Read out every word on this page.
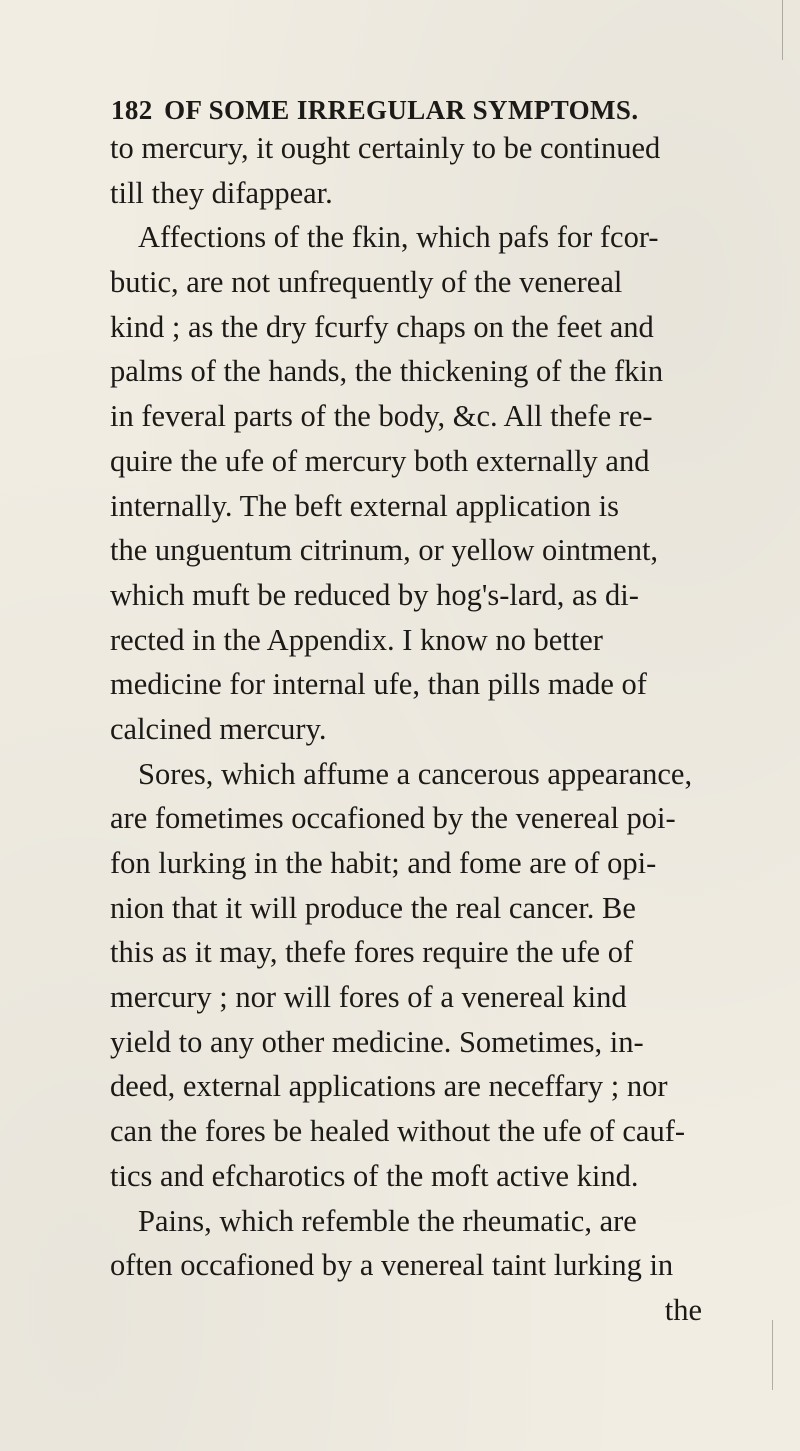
182 OF SOME IRREGULAR SYMPTOMS.
to mercury, it ought certainly to be continued
till they difappear.
Affections of the fkin, which pafs for fcor-
butic, are not unfrequently of the venereal
kind ; as the dry fcurfy chaps on the feet and
palms of the hands, the thickening of the fkin
in feveral parts of the body, &c. All thefe re-
quire the ufe of mercury both externally and
internally. The beft external application is
the unguentum citrinum, or yellow ointment,
which muft be reduced by hog's-lard, as di-
rected in the Appendix. I know no better
medicine for internal ufe, than pills made of
calcined mercury.
Sores, which affume a cancerous appearance,
are fometimes occafioned by the venereal poi-
fon lurking in the habit; and fome are of opi-
nion that it will produce the real cancer. Be
this as it may, thefe fores require the ufe of
mercury ; nor will fores of a venereal kind
yield to any other medicine. Sometimes, in-
deed, external applications are neceffary ; nor
can the fores be healed without the ufe of cauf-
tics and efcharotics of the moft active kind.
Pains, which refemble the rheumatic, are
often occafioned by a venereal taint lurking in
the
